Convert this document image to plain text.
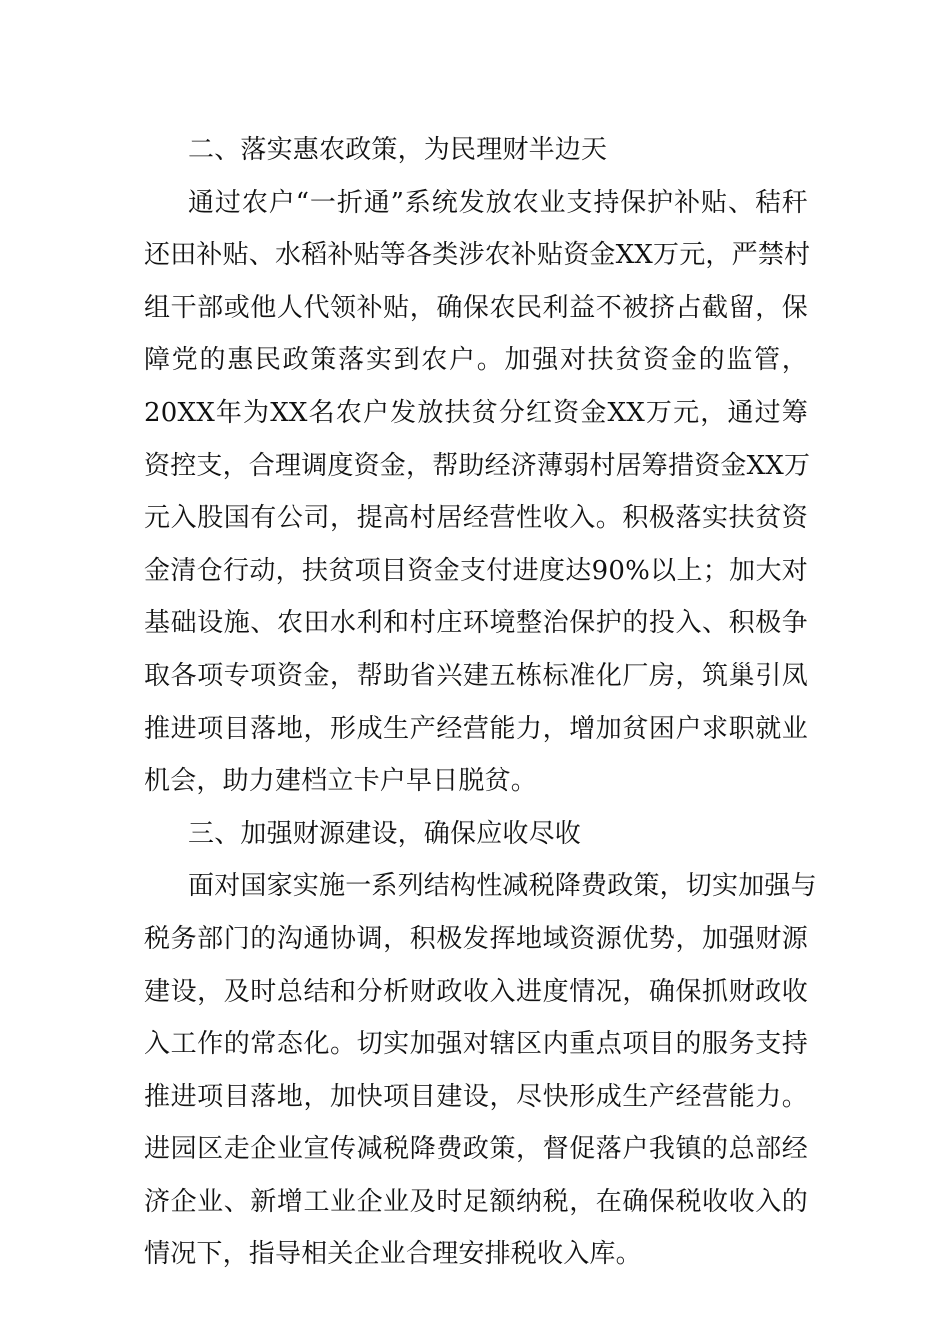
二、落实惠农政策，为民理财半边天
通过农户“一折通”系统发放农业支持保护补贴、秸秆
还田补贴、水稻补贴等各类涉农补贴资金XX万元，严禁村
组干部或他人代领补贴，确保农民利益不被挤占截留，保
障党的惠民政策落实到农户。加强对扶贫资金的监管，
20XX年为XX名农户发放扶贫分红资金XX万元，通过筹
资控支，合理调度资金，帮助经济薄弱村居筹措资金XX万
元入股国有公司，提高村居经营性收入。积极落实扶贫资
金清仓行动，扶贫项目资金支付进度达90%以上；加大对
基础设施、农田水利和村庄环境整治保护的投入、积极争
取各项专项资金，帮助省兴建五栋标准化厂房，筑巢引凤
推进项目落地，形成生产经营能力，增加贫困户求职就业
机会，助力建档立卡户早日脱贫。
三、加强财源建设，确保应收尽收
面对国家实施一系列结构性减税降费政策，切实加强与
税务部门的沟通协调，积极发挥地域资源优势，加强财源
建设，及时总结和分析财政收入进度情况，确保抓财政收
入工作的常态化。切实加强对辖区内重点项目的服务支持
推进项目落地，加快项目建设，尽快形成生产经营能力。
进园区走企业宣传减税降费政策，督促落户我镇的总部经
济企业、新增工业企业及时足额纳税，在确保税收收入的
情况下，指导相关企业合理安排税收入库。
